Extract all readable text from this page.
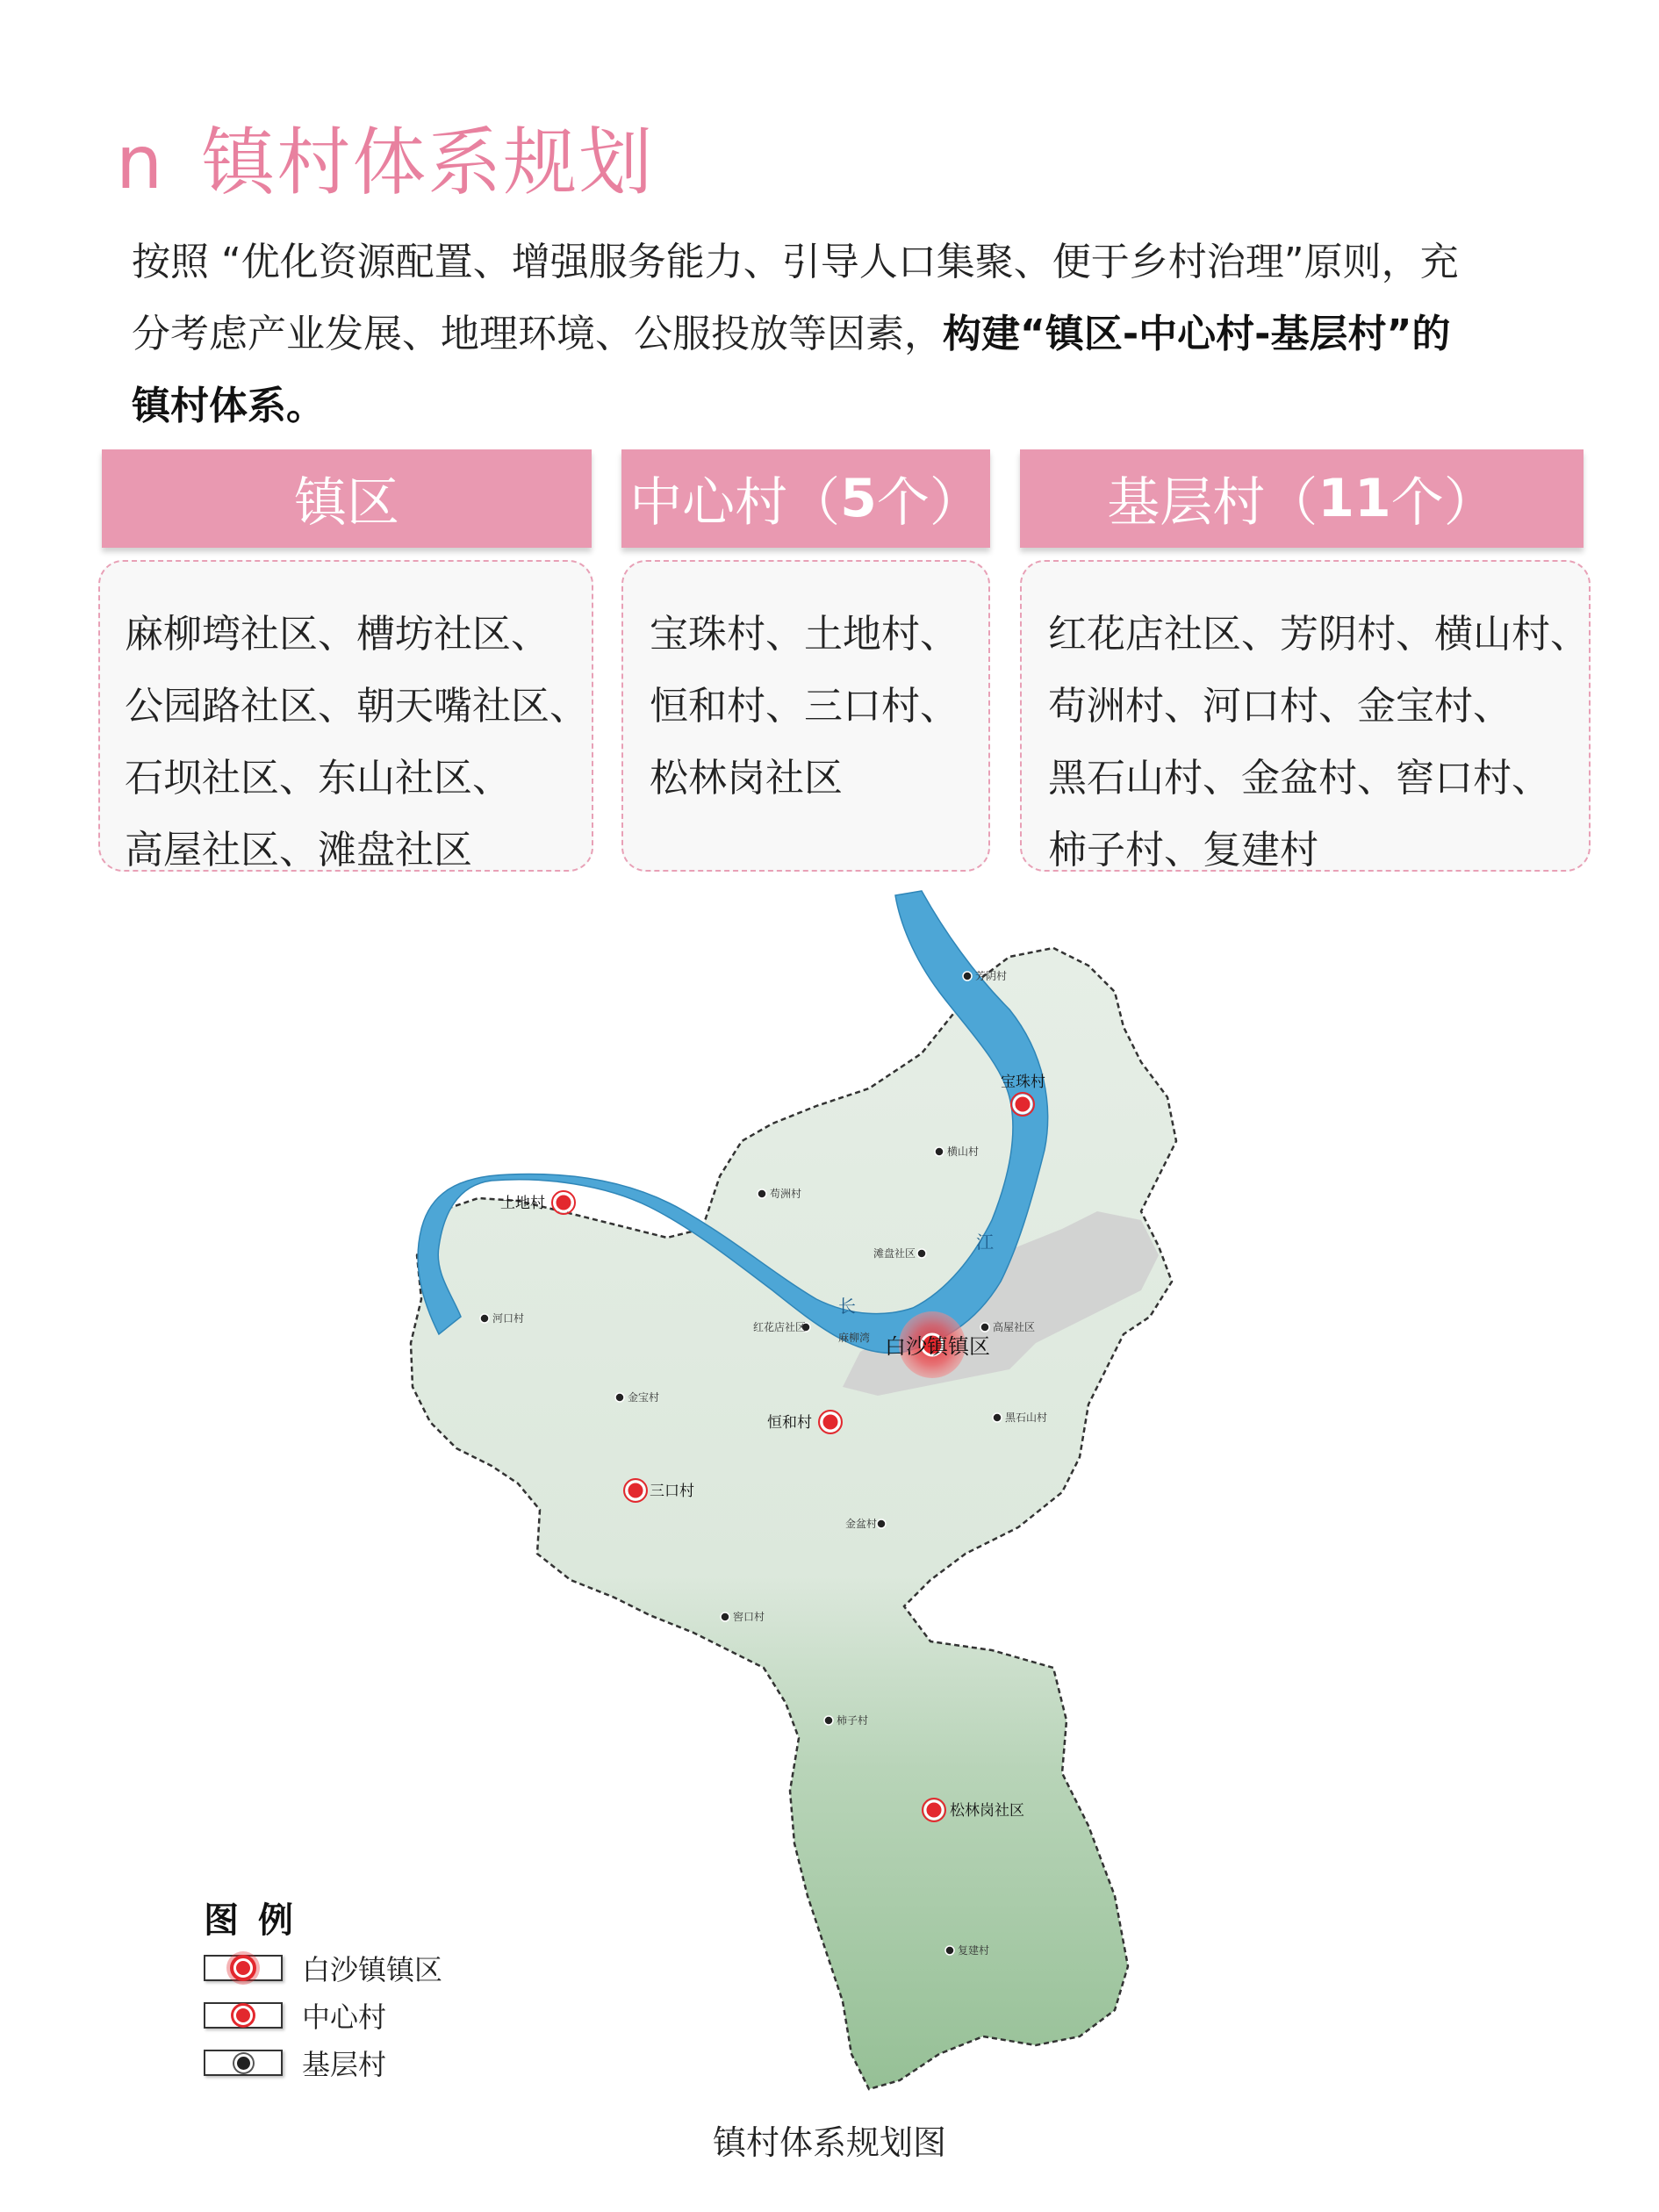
n 镇村体系规划
按照 “优化资源配置、增强服务能力、引导人口集聚、便于乡村治理”原则，充
分考虑产业发展、地理环境、公服投放等因素，构建“镇区-中心村-基层村”的
镇村体系。
镇区	中心村（ 5 个） 基层村（ 11 个）
麻柳塆社区、槽坊社区、
公园路社区、朝天嘴社区、
石坝社区、东山社区、
高屋社区、滩盘社区
宝珠村、土地村、
恒和村、三口村、
松林岗社区
红花店社区、芳阴村、横山村、
苟洲村、河口村、金宝村、
黑石山村、金盆村、窖口村、
柿子村、复建村
长
江
白沙镇镇区
宝珠村
土地村
恒和村
三口村
松林岗社区
芳阴村
横山村
苟洲村
滩盘社区
河口村
金宝村
红花店社区
麻柳湾
高屋社区
黑石山村
金盆村
窖口村
柿子村
复建村
图例
白沙镇镇区
中心村
基层村
镇村体系规划图
